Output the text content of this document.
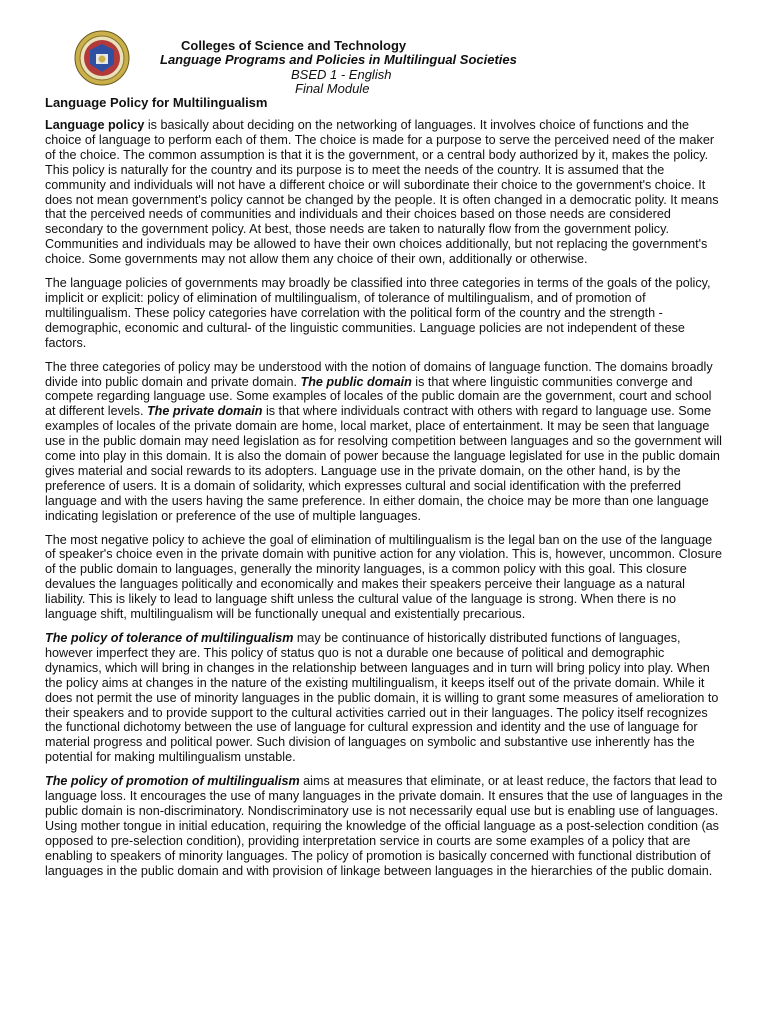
Colleges of Science and Technology
Language Programs and Policies in Multilingual Societies
BSED 1 - English
Final Module
Language Policy for Multilingualism

Language policy is basically about deciding on the networking of languages. It involves choice of functions and the choice of language to perform each of them. The choice is made for a purpose to serve the perceived need of the maker of the choice. The common assumption is that it is the government, or a central body authorized by it, makes the policy. This policy is naturally for the country and its purpose is to meet the needs of the country. It is assumed that the community and individuals will not have a different choice or will subordinate their choice to the government's choice. It does not mean government's policy cannot be changed by the people. It is often changed in a democratic polity. It means that the perceived needs of communities and individuals and their choices based on those needs are considered secondary to the government policy. At best, those needs are taken to naturally flow from the government policy. Communities and individuals may be allowed to have their own choices additionally, but not replacing the government's choice. Some governments may not allow them any choice of their own, additionally or otherwise.

The language policies of governments may broadly be classified into three categories in terms of the goals of the policy, implicit or explicit: policy of elimination of multilingualism, of tolerance of multilingualism, and of promotion of multilingualism. These policy categories have correlation with the political form of the country and the strength -demographic, economic and cultural- of the linguistic communities. Language policies are not independent of these factors.

The three categories of policy may be understood with the notion of domains of language function. The domains broadly divide into public domain and private domain. The public domain is that where linguistic communities converge and compete regarding language use. Some examples of locales of the public domain are the government, court and school at different levels. The private domain is that where individuals contract with others with regard to language use. Some examples of locales of the private domain are home, local market, place of entertainment. It may be seen that language use in the public domain may need legislation as for resolving competition between languages and so the government will come into play in this domain. It is also the domain of power because the language legislated for use in the public domain gives material and social rewards to its adopters. Language use in the private domain, on the other hand, is by the preference of users. It is a domain of solidarity, which expresses cultural and social identification with the preferred language and with the users having the same preference. In either domain, the choice may be more than one language indicating legislation or preference of the use of multiple languages.

The most negative policy to achieve the goal of elimination of multilingualism is the legal ban on the use of the language of speaker's choice even in the private domain with punitive action for any violation. This is, however, uncommon. Closure of the public domain to languages, generally the minority languages, is a common policy with this goal. This closure devalues the languages politically and economically and makes their speakers perceive their language as a natural liability. This is likely to lead to language shift unless the cultural value of the language is strong. When there is no language shift, multilingualism will be functionally unequal and existentially precarious.

The policy of tolerance of multilingualism may be continuance of historically distributed functions of languages, however imperfect they are. This policy of status quo is not a durable one because of political and demographic dynamics, which will bring in changes in the relationship between languages and in turn will bring policy into play. When the policy aims at changes in the nature of the existing multilingualism, it keeps itself out of the private domain. While it does not permit the use of minority languages in the public domain, it is willing to grant some measures of amelioration to their speakers and to provide support to the cultural activities carried out in their languages. The policy itself recognizes the functional dichotomy between the use of language for cultural expression and identity and the use of language for material progress and political power. Such division of languages on symbolic and substantive use inherently has the potential for making multilingualism unstable.

The policy of promotion of multilingualism aims at measures that eliminate, or at least reduce, the factors that lead to language loss. It encourages the use of many languages in the private domain. It ensures that the use of languages in the public domain is non-discriminatory. Nondiscriminatory use is not necessarily equal use but is enabling use of languages. Using mother tongue in initial education, requiring the knowledge of the official language as a post-selection condition (as opposed to pre-selection condition), providing interpretation service in courts are some examples of a policy that are enabling to speakers of minority languages. The policy of promotion is basically concerned with functional distribution of languages in the public domain and with provision of linkage between languages in the hierarchies of the public domain.
